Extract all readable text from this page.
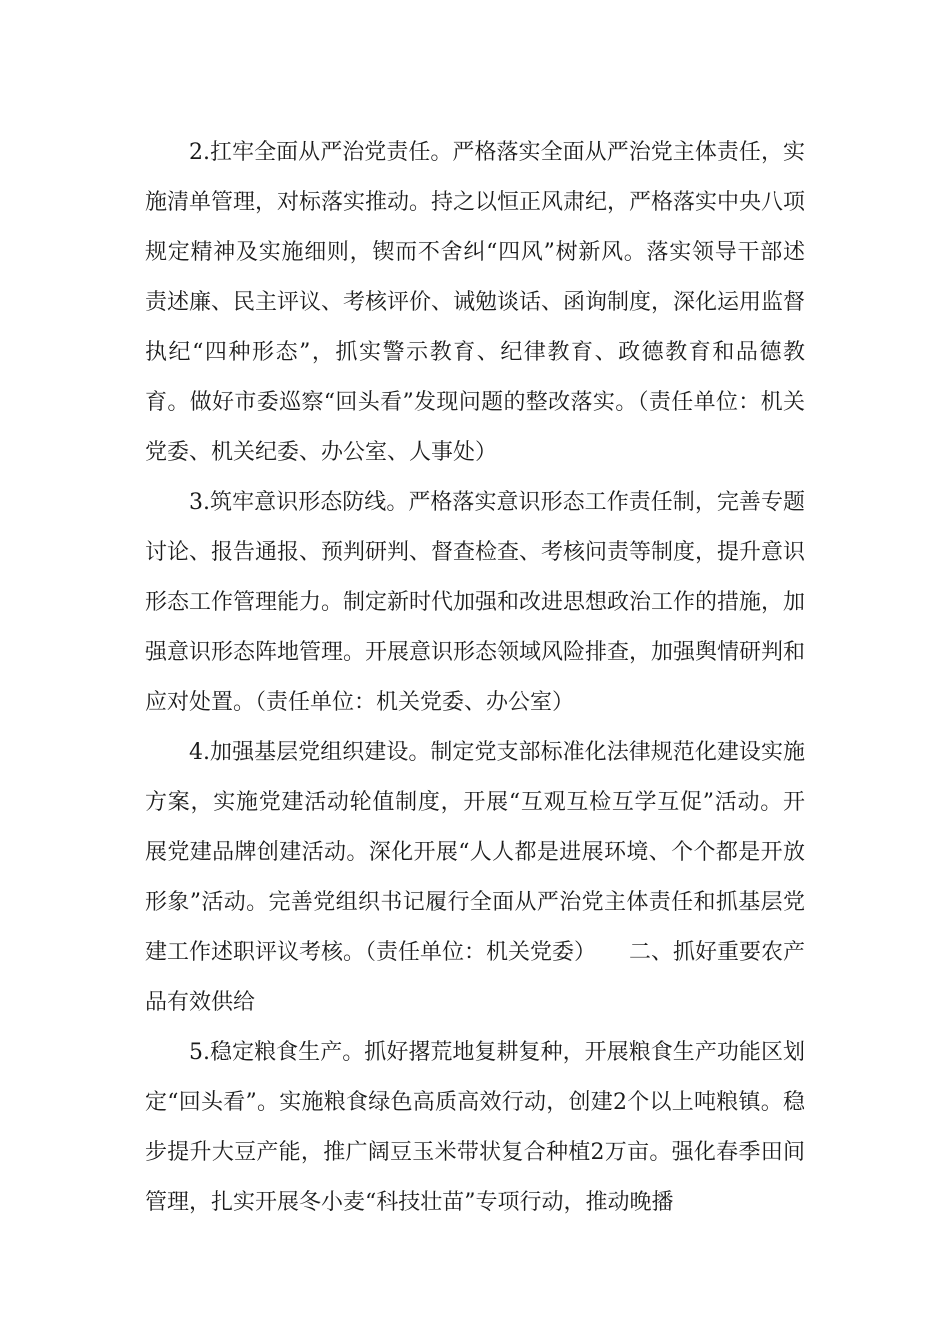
2.扛牢全面从严治党责任。严格落实全面从严治党主体责任，实施清单管理，对标落实推动。持之以恒正风肃纪，严格落实中央八项规定精神及实施细则，锲而不舍纠“四风”树新风。落实领导干部述责述廉、民主评议、考核评价、诫勉谈话、函询制度，深化运用监督执纪“四种形态”，抓实警示教育、纪律教育、政德教育和品德教育。做好市委巡察“回头看”发现问题的整改落实。（责任单位：机关党委、机关纪委、办公室、人事处）

3.筑牢意识形态防线。严格落实意识形态工作责任制，完善专题讨论、报告通报、预判研判、督查检查、考核问责等制度，提升意识形态工作管理能力。制定新时代加强和改进思想政治工作的措施，加强意识形态阵地管理。开展意识形态领域风险排查，加强舆情研判和应对处置。（责任单位：机关党委、办公室）

4.加强基层党组织建设。制定党支部标准化法律规范化建设实施方案，实施党建活动轮值制度，开展“互观互检互学互促”活动。开展党建品牌创建活动。深化开展“人人都是进展环境、个个都是开放形象”活动。完善党组织书记履行全面从严治党主体责任和抓基层党建工作述职评议考核。（责任单位：机关党委）　　二、抓好重要农产品有效供给

5.稳定粮食生产。抓好撂荒地复耕复种，开展粮食生产功能区划定“回头看”。实施粮食绿色高质高效行动，创建2个以上吨粮镇。稳步提升大豆产能，推广阔豆玉米带状复合种植2万亩。强化春季田间管理，扎实开展冬小麦“科技壮苗”专项行动，推动晚播
